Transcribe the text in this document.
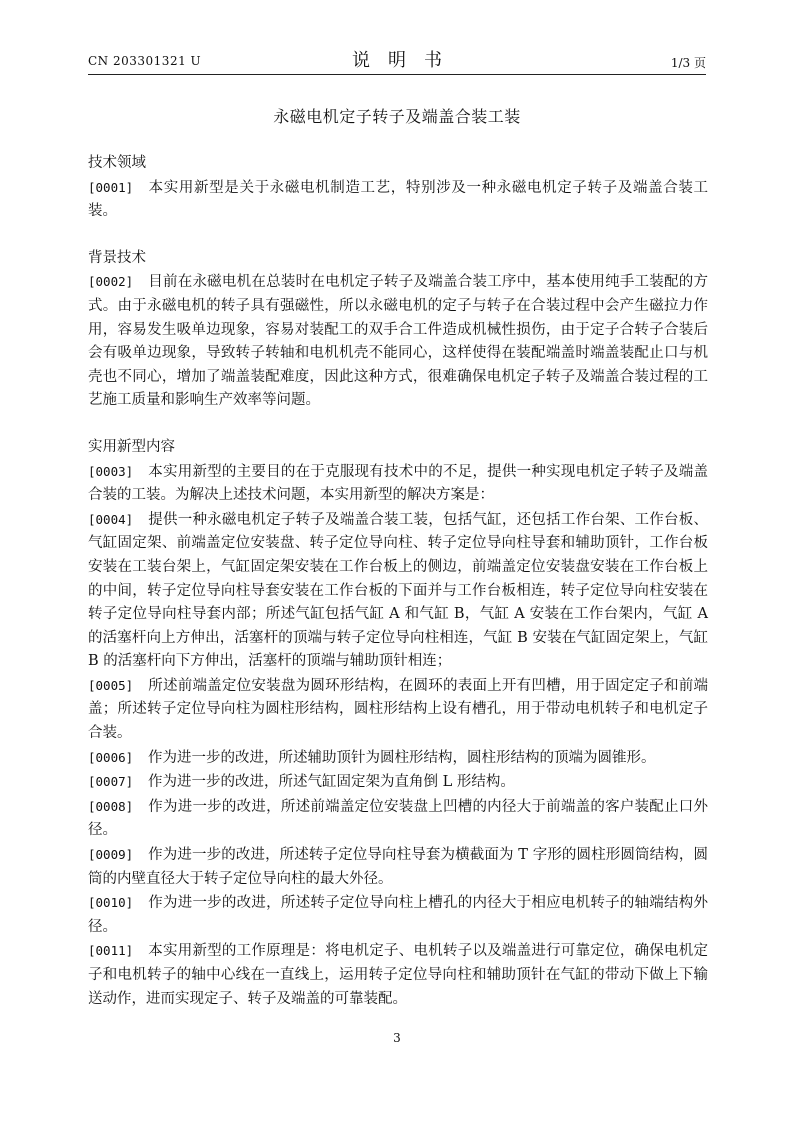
CN 203301321 U	说明书	1/3 页
永磁电机定子转子及端盖合装工装

技术领域

[0001] 本实用新型是关于永磁电机制造工艺，特别涉及一种永磁电机定子转子及端盖合装工装。

背景技术

[0002] 目前在永磁电机在总装时在电机定子转子及端盖合装工序中，基本使用纯手工装配的方式。由于永磁电机的转子具有强磁性，所以永磁电机的定子与转子在合装过程中会产生磁拉力作用，容易发生吸单边现象，容易对装配工的双手合工件造成机械性损伤，由于定子合转子合装后会有吸单边现象，导致转子转轴和电机机壳不能同心，这样使得在装配端盖时端盖装配止口与机壳也不同心，增加了端盖装配难度，因此这种方式，很难确保电机定子转子及端盖合装过程的工艺施工质量和影响生产效率等问题。

实用新型内容

[0003] 本实用新型的主要目的在于克服现有技术中的不足，提供一种实现电机定子转子及端盖合装的工装。为解决上述技术问题，本实用新型的解决方案是：

[0004] 提供一种永磁电机定子转子及端盖合装工装，包括气缸，还包括工作台架、工作台板、气缸固定架、前端盖定位安装盘、转子定位导向柱、转子定位导向柱导套和辅助顶针，工作台板安装在工装台架上，气缸固定架安装在工作台板上的侧边，前端盖定位安装盘安装在工作台板上的中间，转子定位导向柱导套安装在工作台板的下面并与工作台板相连，转子定位导向柱安装在转子定位导向柱导套内部；所述气缸包括气缸 A 和气缸 B，气缸 A 安装在工作台架内，气缸 A 的活塞杆向上方伸出，活塞杆的顶端与转子定位导向柱相连，气缸 B 安装在气缸固定架上，气缸 B 的活塞杆向下方伸出，活塞杆的顶端与辅助顶针相连；

[0005] 所述前端盖定位安装盘为圆环形结构，在圆环的表面上开有凹槽，用于固定定子和前端盖；所述转子定位导向柱为圆柱形结构，圆柱形结构上设有槽孔，用于带动电机转子和电机定子合装。

[0006] 作为进一步的改进，所述辅助顶针为圆柱形结构，圆柱形结构的顶端为圆锥形。

[0007] 作为进一步的改进，所述气缸固定架为直角倒 L 形结构。

[0008] 作为进一步的改进，所述前端盖定位安装盘上凹槽的内径大于前端盖的客户装配止口外径。

[0009] 作为进一步的改进，所述转子定位导向柱导套为横截面为 T 字形的圆柱形圆筒结构，圆筒的内壁直径大于转子定位导向柱的最大外径。

[0010] 作为进一步的改进，所述转子定位导向柱上槽孔的内径大于相应电机转子的轴端结构外径。

[0011] 本实用新型的工作原理是：将电机定子、电机转子以及端盖进行可靠定位，确保电机定子和电机转子的轴中心线在一直线上，运用转子定位导向柱和辅助顶针在气缸的带动下做上下输送动作，进而实现定子、转子及端盖的可靠装配。

3
